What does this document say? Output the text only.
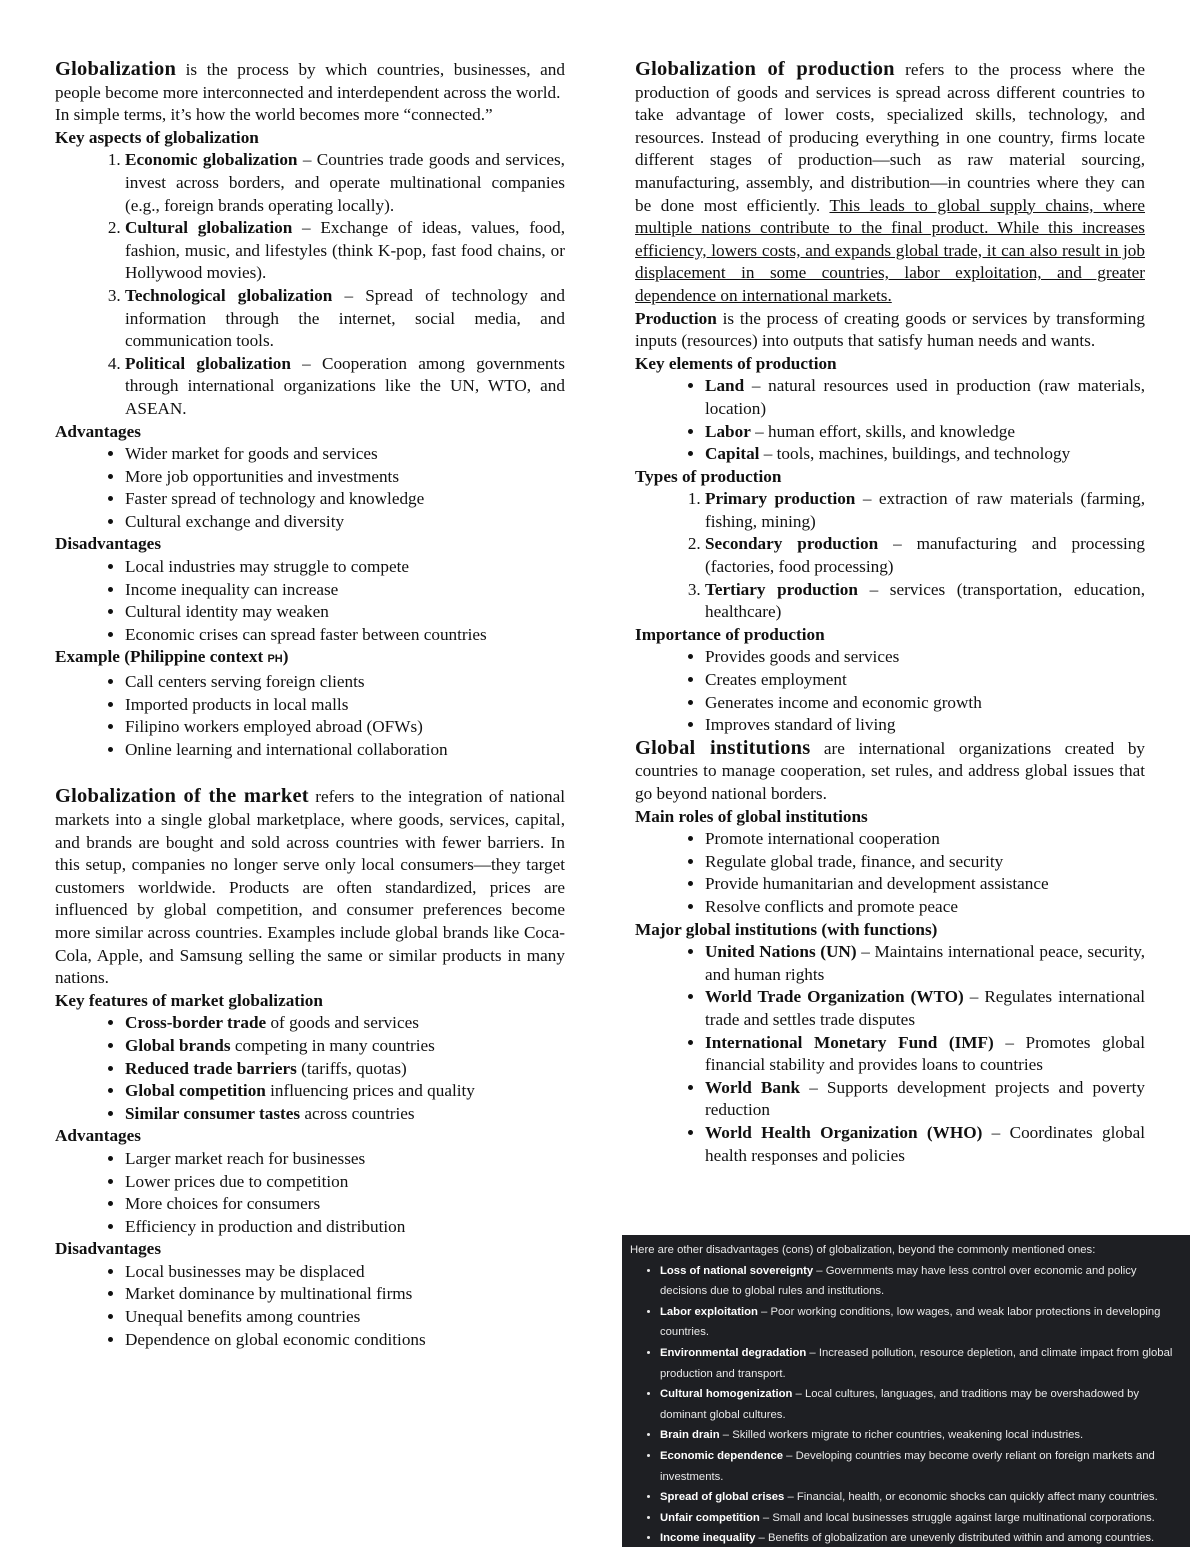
Globalization is the process by which countries, businesses, and people become more interconnected and interdependent across the world.

In simple terms, it’s how the world becomes more “connected.”

Key aspects of globalization
1. Economic globalization – Countries trade goods and services, invest across borders, and operate multinational companies (e.g., foreign brands operating locally).
2. Cultural globalization – Exchange of ideas, values, food, fashion, music, and lifestyles (think K-pop, fast food chains, or Hollywood movies).
3. Technological globalization – Spread of technology and information through the internet, social media, and communication tools.
4. Political globalization – Cooperation among governments through international organizations like the UN, WTO, and ASEAN.
Advantages
• Wider market for goods and services
• More job opportunities and investments
• Faster spread of technology and knowledge
• Cultural exchange and diversity
Disadvantages
• Local industries may struggle to compete
• Income inequality can increase
• Cultural identity may weaken
• Economic crises can spread faster between countries
Example (Philippine context PH)
• Call centers serving foreign clients
• Imported products in local malls
• Filipino workers employed abroad (OFWs)
• Online learning and international collaboration

Globalization of the market refers to the integration of national markets into a single global marketplace, where goods, services, capital, and brands are bought and sold across countries with fewer barriers. In this setup, companies no longer serve only local consumers—they target customers worldwide. Products are often standardized, prices are influenced by global competition, and consumer preferences become more similar across countries. Examples include global brands like Coca-Cola, Apple, and Samsung selling the same or similar products in many nations.

Key features of market globalization
• Cross-border trade of goods and services
• Global brands competing in many countries
• Reduced trade barriers (tariffs, quotas)
• Global competition influencing prices and quality
• Similar consumer tastes across countries
Advantages
• Larger market reach for businesses
• Lower prices due to competition
• More choices for consumers
• Efficiency in production and distribution
Disadvantages
• Local businesses may be displaced
• Market dominance by multinational firms
• Unequal benefits among countries
• Dependence on global economic conditions

Globalization of production refers to the process where the production of goods and services is spread across different countries to take advantage of lower costs, specialized skills, technology, and resources. Instead of producing everything in one country, firms locate different stages of production—such as raw material sourcing, manufacturing, assembly, and distribution—in countries where they can be done most efficiently. This leads to global supply chains, where multiple nations contribute to the final product. While this increases efficiency, lowers costs, and expands global trade, it can also result in job displacement in some countries, labor exploitation, and greater dependence on international markets.

Production is the process of creating goods or services by transforming inputs (resources) into outputs that satisfy human needs and wants.

Key elements of production
• Land – natural resources used in production (raw materials, location)
• Labor – human effort, skills, and knowledge
• Capital – tools, machines, buildings, and technology
Types of production
1. Primary production – extraction of raw materials (farming, fishing, mining)
2. Secondary production – manufacturing and processing (factories, food processing)
3. Tertiary production – services (transportation, education, healthcare)
Importance of production
• Provides goods and services
• Creates employment
• Generates income and economic growth
• Improves standard of living

Global institutions are international organizations created by countries to manage cooperation, set rules, and address global issues that go beyond national borders.

Main roles of global institutions
• Promote international cooperation
• Regulate global trade, finance, and security
• Provide humanitarian and development assistance
• Resolve conflicts and promote peace
Major global institutions (with functions)
• United Nations (UN) – Maintains international peace, security, and human rights
• World Trade Organization (WTO) – Regulates international trade and settles trade disputes
• International Monetary Fund (IMF) – Promotes global financial stability and provides loans to countries
• World Bank – Supports development projects and poverty reduction
• World Health Organization (WHO) – Coordinates global health responses and policies

Here are other disadvantages (cons) of globalization, beyond the commonly mentioned ones:

• Loss of national sovereignty – Governments may have less control over economic and policy decisions due to global rules and institutions.
• Labor exploitation – Poor working conditions, low wages, and weak labor protections in developing countries.
• Environmental degradation – Increased pollution, resource depletion, and climate impact from global production and transport.
• Cultural homogenization – Local cultures, languages, and traditions may be overshadowed by dominant global cultures.
• Brain drain – Skilled workers migrate to richer countries, weakening local industries.
• Economic dependence – Developing countries may become overly reliant on foreign markets and investments.
• Spread of global crises – Financial, health, or economic shocks can quickly affect many countries.
• Unfair competition – Small and local businesses struggle against large multinational corporations.
• Income inequality – Benefits of globalization are unevenly distributed within and among countries.
